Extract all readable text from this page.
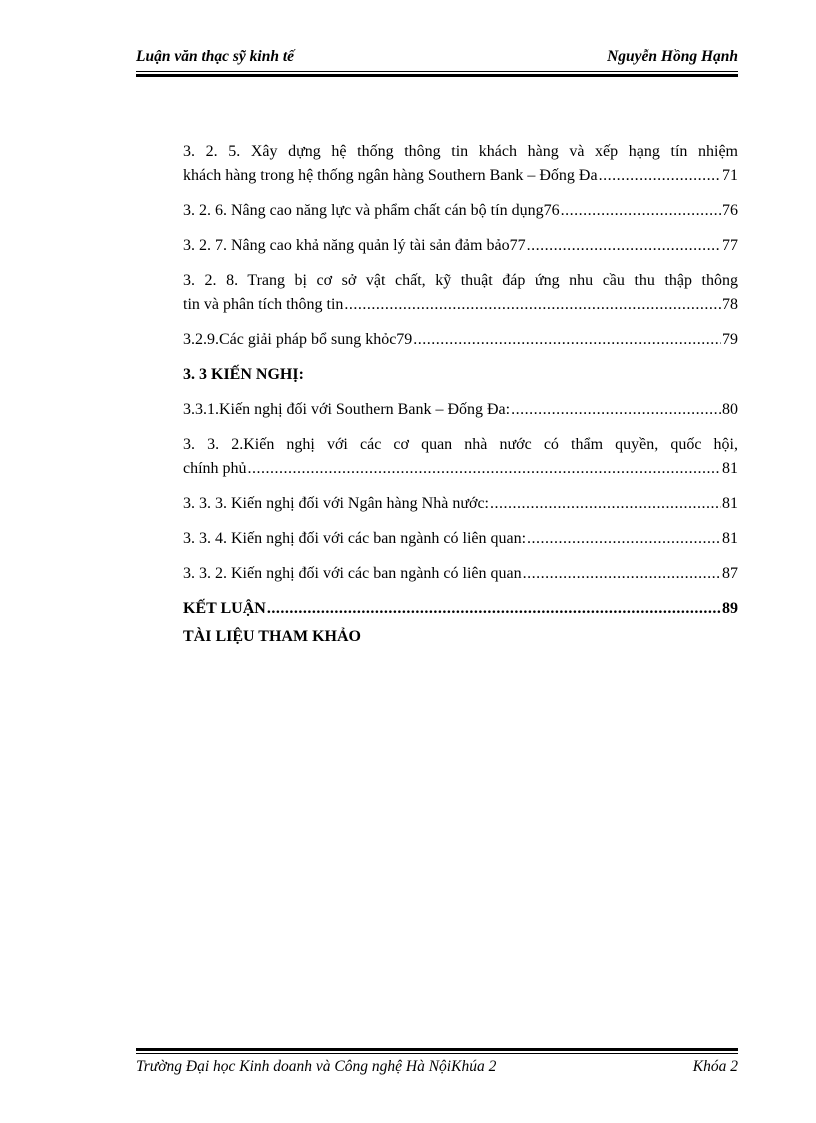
Luận văn thạc sỹ kinh tế	Nguyễn Hồng Hạnh
3. 2. 5. Xây dựng hệ thống thông tin khách hàng và xếp hạng tín nhiệm
khách hàng trong hệ thống ngân hàng Southern Bank – Đống Đa .....	71
3. 2. 6. Nâng cao năng lực và phẩm chất cán bộ tín dụng76 .....	76
3. 2. 7. Nâng cao khả năng quản lý tài sản đảm bảo77 .....	77
3. 2. 8. Trang bị cơ sở vật chất, kỹ thuật đáp ứng nhu cầu thu thập thông
tin và phân tích thông tin .....	78
3.2.9.Các giải pháp bổ sung khỏc79 .....	79
3. 3 KIẾN NGHỊ:
3.3.1.Kiến nghị đối với Southern Bank – Đống Đa: .....	80
3. 3. 2.Kiến nghị với các cơ quan nhà nước có thẩm quyền, quốc hội,
chính phủ .....	81
3. 3. 3. Kiến nghị đối với Ngân hàng Nhà nước: .....	81
3. 3. 4. Kiến nghị đối với các ban ngành có liên quan: .....	81
3. 3. 2. Kiến nghị đối với các ban ngành có liên quan .....	87
KẾT LUẬN .....	89
TÀI LIỆU THAM KHẢO
Trường Đại học Kinh doanh và Công nghệ Hà NộiKhúa 2	Khóa 2
